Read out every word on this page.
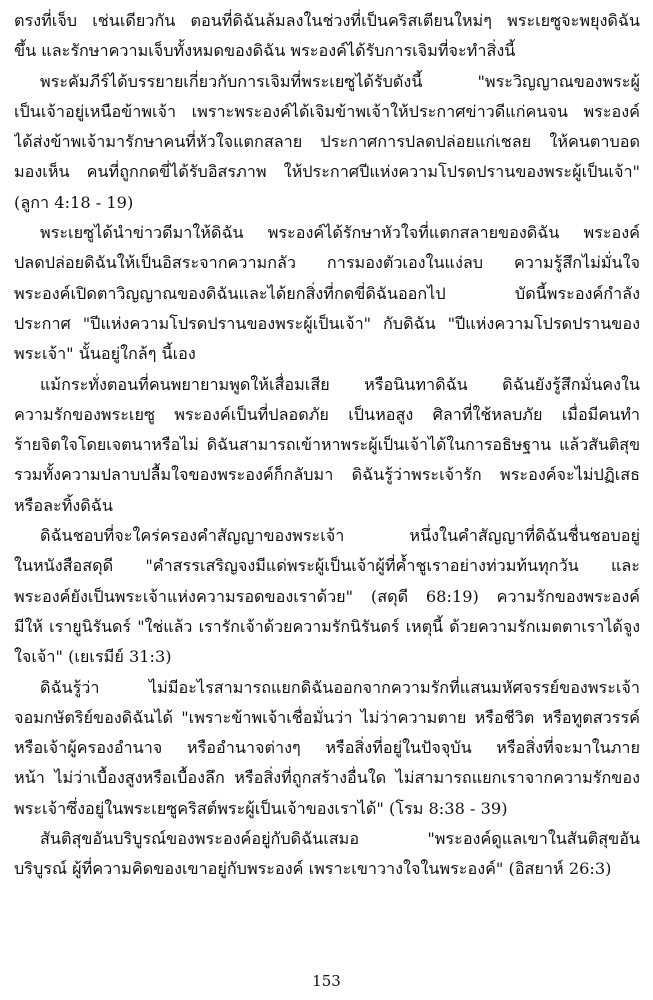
ตรงที่เจ็บ เช่นเดียวกัน ตอนที่ดิฉันล้มลงในช่วงที่เป็นคริสเตียนใหม่ๆ พระเยซูจะพยุงดิฉัน
ขึ้น และรักษาความเจ็บทั้งหมดของดิฉัน พระองค์ได้รับการเจิมที่จะทำสิ่งนี้
พระคัมภีร์ได้บรรยายเกี่ยวกับการเจิมที่พระเยซูได้รับดังนี้ "พระวิญญาณของพระผู้
เป็นเจ้าอยู่เหนือข้าพเจ้า เพราะพระองค์ได้เจิมข้าพเจ้าให้ประกาศข่าวดีแก่คนจน พระองค์
ได้ส่งข้าพเจ้ามารักษาคนที่หัวใจแตกสลาย ประกาศการปลดปล่อยแก่เชลย ให้คนตาบอด
มองเห็น คนที่ถูกกดขี่ได้รับอิสรภาพ ให้ประกาศปีแห่งความโปรดปรานของพระผู้เป็นเจ้า"
(ลูกา 4:18 - 19)
พระเยซูได้นำข่าวดีมาให้ดิฉัน พระองค์ได้รักษาหัวใจที่แตกสลายของดิฉัน พระองค์
ปลดปล่อยดิฉันให้เป็นอิสระจากความกลัว การมองตัวเองในแง่ลบ ความรู้สึกไม่มั่นใจ
พระองค์เปิดตาวิญญาณของดิฉันและได้ยกสิ่งที่กดขี่ดิฉันออกไป บัดนี้พระองค์กำลัง
ประกาศ "ปีแห่งความโปรดปรานของพระผู้เป็นเจ้า" กับดิฉัน "ปีแห่งความโปรดปรานของ
พระเจ้า" นั้นอยู่ใกล้ๆ นี้เอง
แม้กระทั่งตอนที่คนพยายามพูดให้เสื่อมเสีย หรือนินทาดิฉัน ดิฉันยังรู้สึกมั่นคงใน
ความรักของพระเยซู พระองค์เป็นที่ปลอดภัย เป็นหอสูง ศิลาที่ใช้หลบภัย เมื่อมีคนทำ
ร้ายจิตใจโดยเจตนาหรือไม่ ดิฉันสามารถเข้าหาพระผู้เป็นเจ้าได้ในการอธิษฐาน แล้วสันติสุข
รวมทั้งความปลาบปลื้มใจของพระองค์ก็กลับมา ดิฉันรู้ว่าพระเจ้ารัก พระองค์จะไม่ปฏิเสธ
หรือละทิ้งดิฉัน
ดิฉันชอบที่จะใคร่ครองคำสัญญาของพระเจ้า หนึ่งในคำสัญญาที่ดิฉันชื่นชอบอยู่
ในหนังสือสดุดี "คำสรรเสริญจงมีแด่พระผู้เป็นเจ้าผู้ที่ค้ำชูเราอย่างท่วมท้นทุกวัน และ
พระองค์ยังเป็นพระเจ้าแห่งความรอดของเราด้วย" (สดุดี 68:19) ความรักของพระองค์
มีให้ เรายูนิรันดร์ "ใช่แล้ว เรารักเจ้าด้วยความรักนิรันดร์ เหตุนี้ ด้วยความรักเมตตาเราได้จูง
ใจเจ้า" (เยเรมีย์ 31:3)
ดิฉันรู้ว่า ไม่มีอะไรสามารถแยกดิฉันออกจากความรักที่แสนมหัศจรรย์ของพระเจ้า
จอมกษัตริย์ของดิฉันได้ "เพราะข้าพเจ้าเชื่อมั่นว่า ไม่ว่าความตาย หรือชีวิต หรือทูตสวรรค์
หรือเจ้าผู้ครองอำนาจ หรืออำนาจต่างๆ หรือสิ่งที่อยู่ในปัจจุบัน หรือสิ่งที่จะมาในภาย
หน้า ไม่ว่าเบื้องสูงหรือเบื้องลึก หรือสิ่งที่ถูกสร้างอื่นใด ไม่สามารถแยกเราจากความรักของ
พระเจ้าซึ่งอยู่ในพระเยซูคริสต์พระผู้เป็นเจ้าของเราได้" (โรม 8:38 - 39)
สันติสุขอันบริบูรณ์ของพระองค์อยู่กับดิฉันเสมอ "พระองค์ดูแลเขาในสันติสุขอัน
บริบูรณ์ ผู้ที่ความคิดของเขาอยู่กับพระองค์ เพราะเขาวางใจในพระองค์" (อิสยาห์ 26:3)
153
